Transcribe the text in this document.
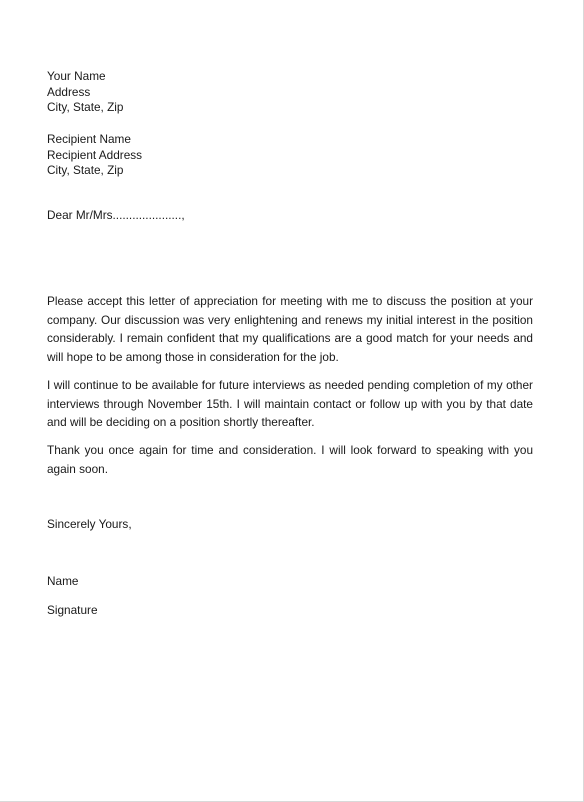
Your Name
Address
City, State, Zip
Recipient Name
Recipient Address
City, State, Zip
Dear Mr/Mrs.....................,
Please accept this letter of appreciation for meeting with me to discuss the position at your company. Our discussion was very enlightening and renews my initial interest in the position considerably. I remain confident that my qualifications are a good match for your needs and will hope to be among those in consideration for the job.
I will continue to be available for future interviews as needed pending completion of my other interviews through November 15th. I will maintain contact or follow up with you by that date and will be deciding on a position shortly thereafter.
Thank you once again for time and consideration. I will look forward to speaking with you again soon.
Sincerely Yours,
Name
Signature
